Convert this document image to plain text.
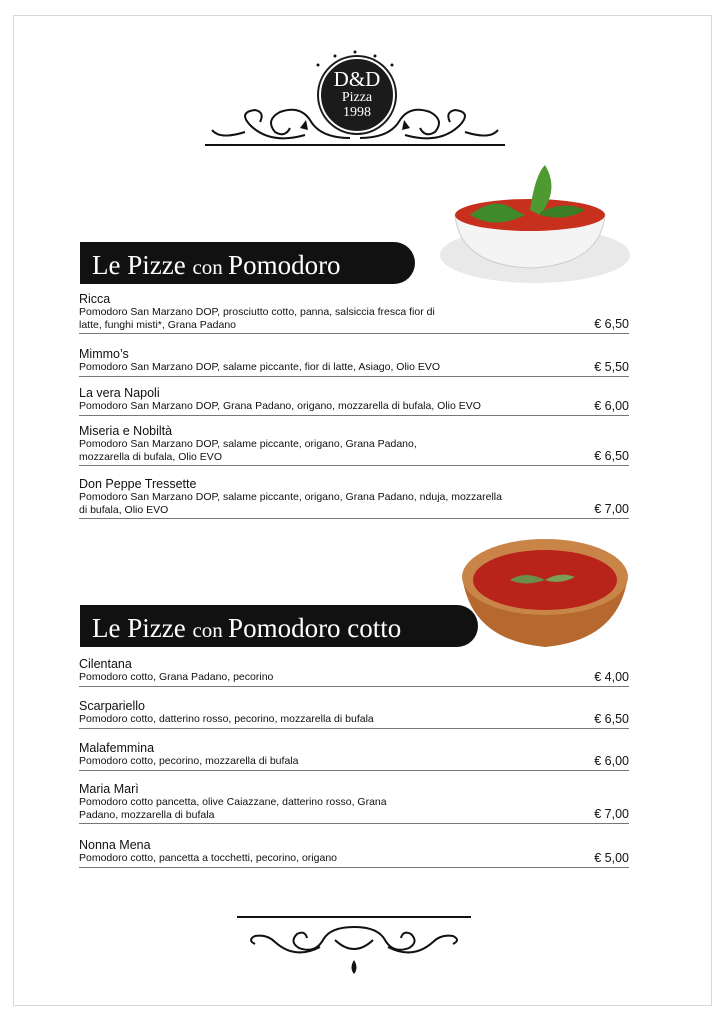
D&D
Pizza
1998
Le Pizze con Pomodoro
Ricca
Pomodoro San Marzano DOP, prosciutto cotto, panna, salsiccia fresca fior di latte, funghi misti*, Grana Padano	€ 6,50
Mimmo’s
Pomodoro San Marzano DOP, salame piccante, fior di latte, Asiago, Olio EVO	€ 5,50
La vera Napoli
Pomodoro San Marzano DOP, Grana Padano, origano, mozzarella di bufala, Olio EVO	€ 6,00
Miseria e Nobiltà
Pomodoro San Marzano DOP, salame piccante, origano, Grana Padano, mozzarella di bufala, Olio EVO	€ 6,50
Don Peppe Tressette
Pomodoro San Marzano DOP, salame piccante, origano, Grana Padano, nduja, mozzarella di bufala, Olio EVO	€ 7,00
Le Pizze con Pomodoro cotto
Cilentana
Pomodoro cotto, Grana Padano, pecorino	€ 4,00
Scarpariello
Pomodoro cotto, datterino rosso, pecorino, mozzarella di bufala	€ 6,50
Malafemmina
Pomodoro cotto, pecorino, mozzarella di bufala	€ 6,00
Maria Marì
Pomodoro cotto pancetta, olive Caiazzane, datterino rosso, Grana Padano, mozzarella di bufala	€ 7,00
Nonna Mena
Pomodoro cotto, pancetta a tocchetti, pecorino, origano	€ 5,00
